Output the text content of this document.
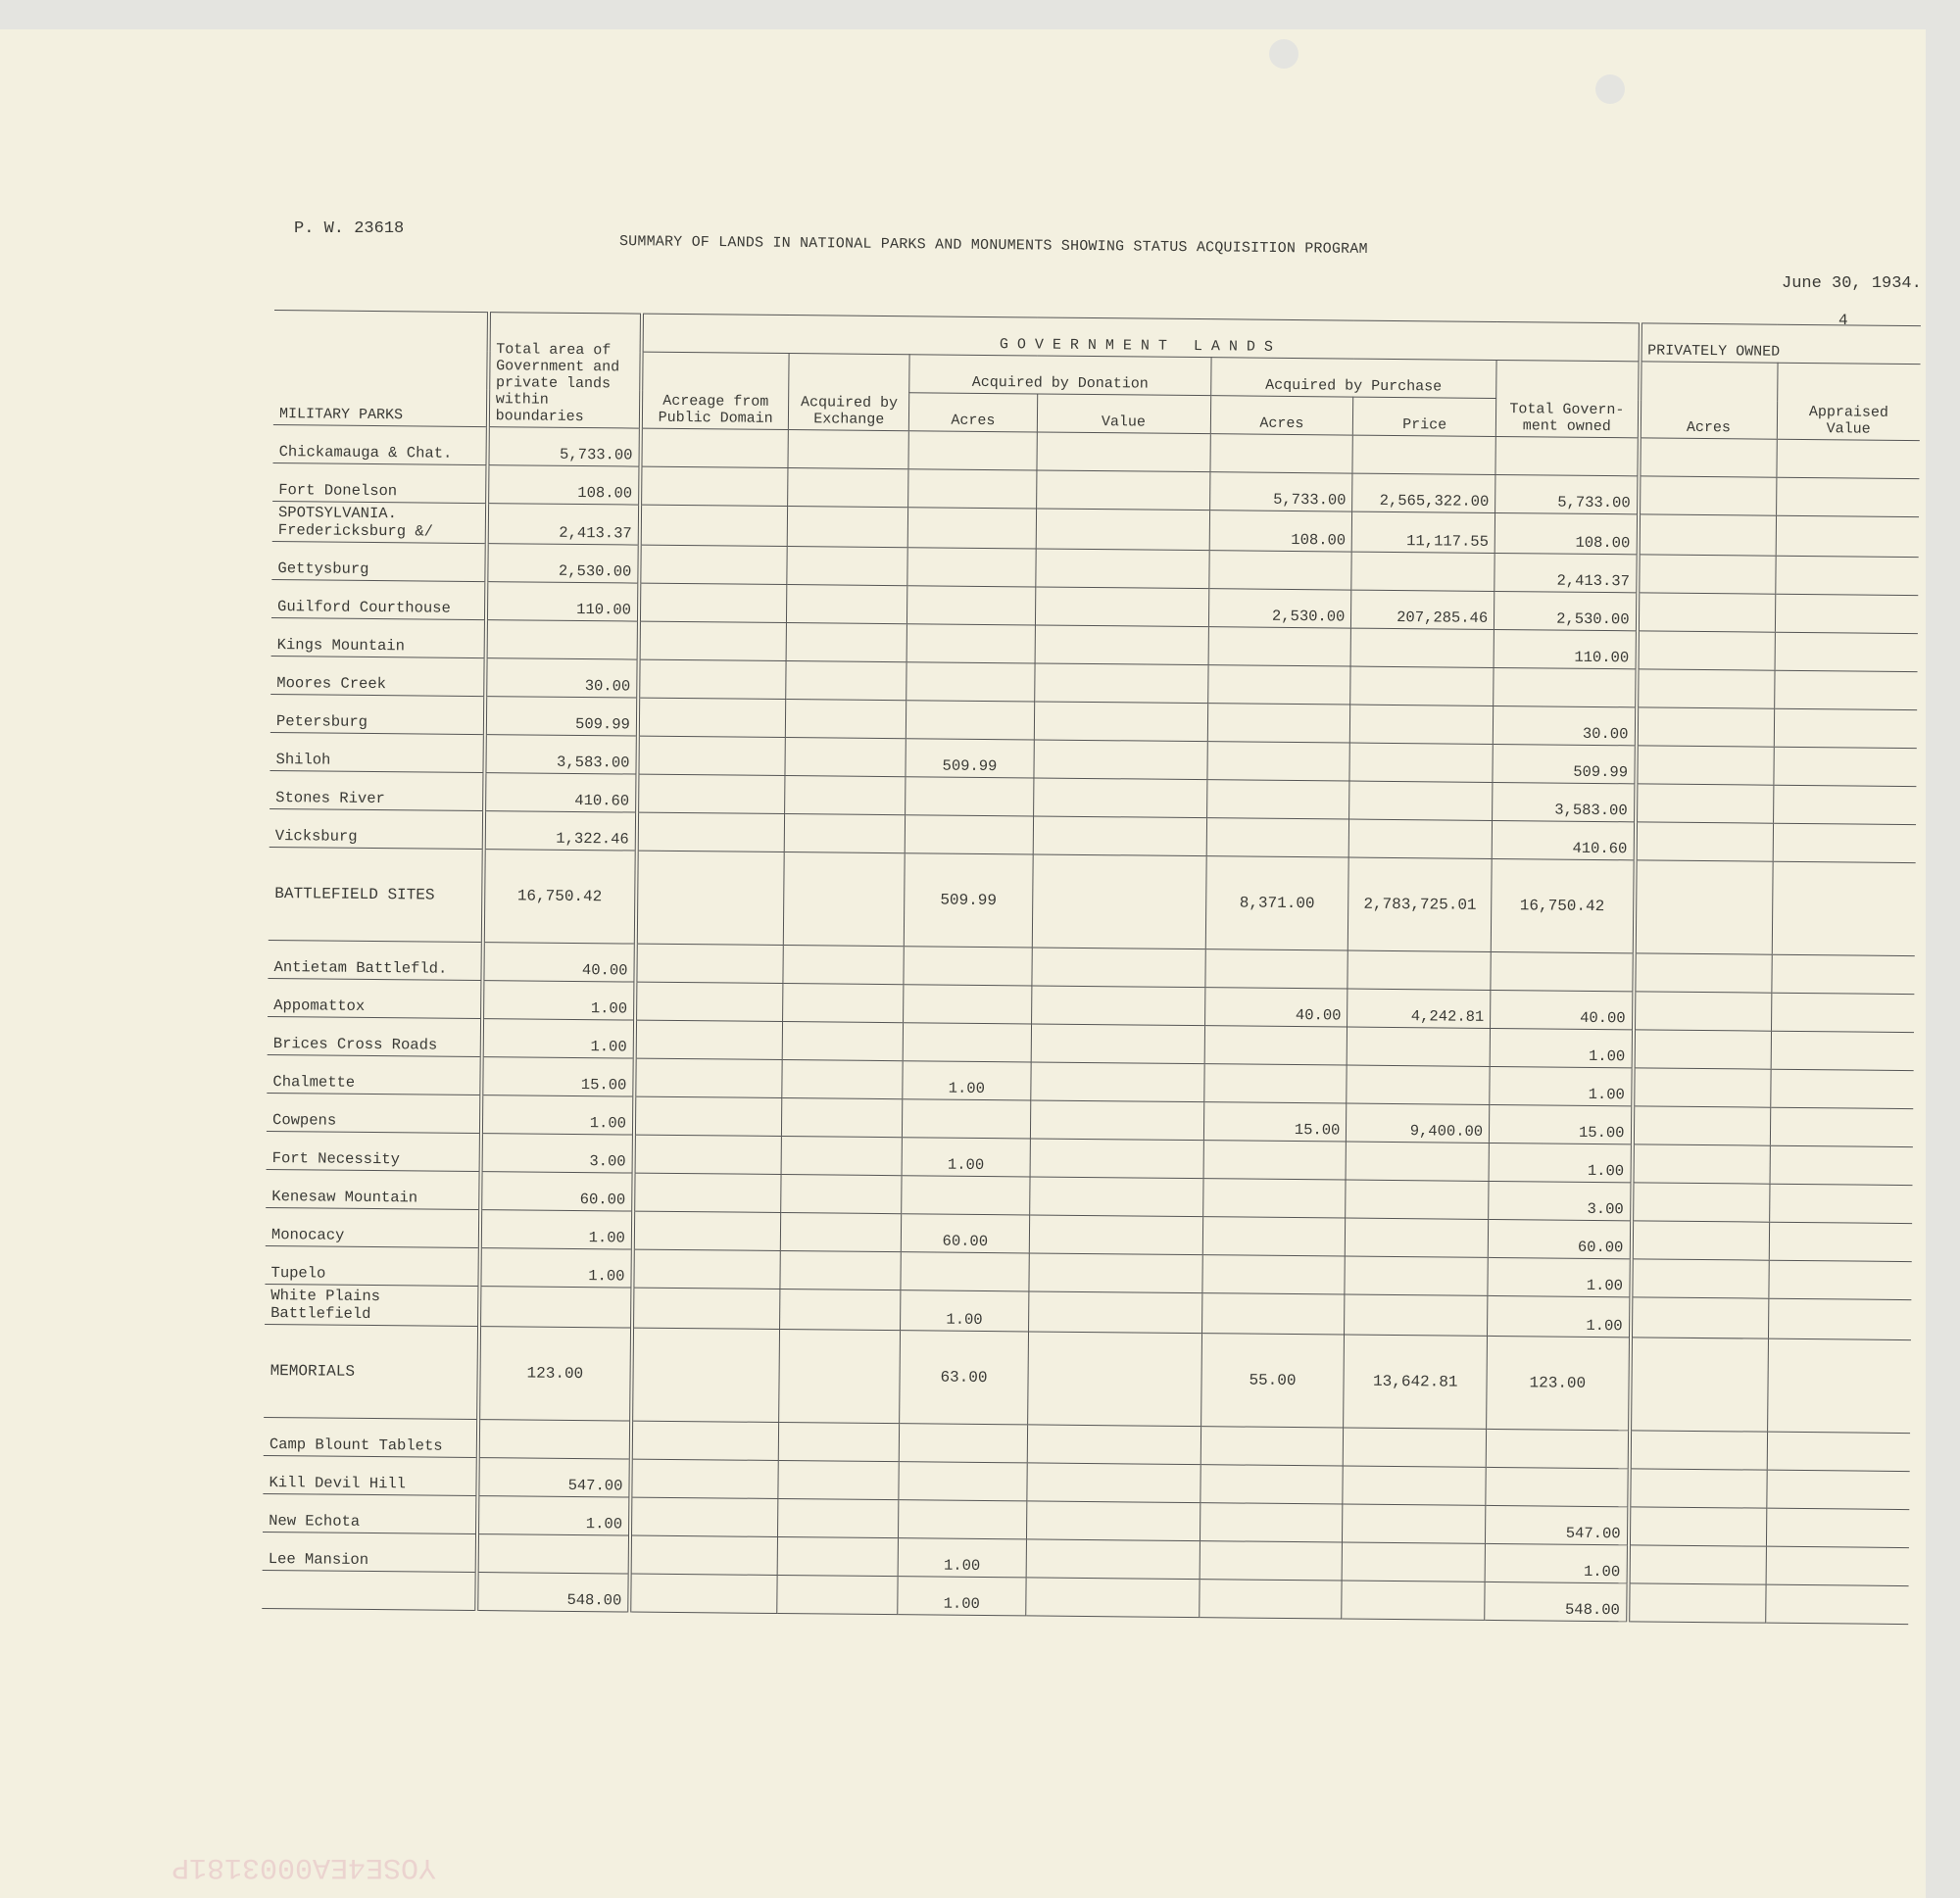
P. W. 23618
SUMMARY OF LANDS IN NATIONAL PARKS AND MONUMENTS SHOWING STATUS ACQUISITION PROGRAM
June 30, 1934.
4
YOSE4EA0003181P
MILITARY PARKS	Total area of Government and private lands within boundaries	GOVERNMENT LANDS							PRIVATELY OWNED	
		Acreage from Public Domain	Acquired by Exchange	Acquired by Donation		Acquired by Purchase		Total Govern- ment owned	Acres	Appraised Value
				Acres	Value	Acres	Price			
Chickamauga & Chat.	5,733.00									
Fort Donelson	108.00					5,733.00	2,565,322.00	5,733.00		
SPOTSYLVANIA. Fredericksburg &/	2,413.37					108.00	11,117.55	108.00		
Gettysburg	2,530.00							2,413.37		
Guilford Courthouse	110.00					2,530.00	207,285.46	2,530.00		
Kings Mountain								110.00		
Moores Creek	30.00									
Petersburg	509.99							30.00		
Shiloh	3,583.00			509.99				509.99		
Stones River	410.60							3,583.00		
Vicksburg	1,322.46							410.60		
BATTLEFIELD SITES	16,750.42			509.99		8,371.00	2,783,725.01	16,750.42		
Antietam Battlefld.	40.00									
Appomattox	1.00					40.00	4,242.81	40.00		
Brices Cross Roads	1.00							1.00		
Chalmette	15.00			1.00				1.00		
Cowpens	1.00					15.00	9,400.00	15.00		
Fort Necessity	3.00			1.00				1.00		
Kenesaw Mountain	60.00							3.00		
Monocacy	1.00			60.00				60.00		
Tupelo	1.00							1.00		
White Plains Battlefield				1.00				1.00		
MEMORIALS	123.00			63.00		55.00	13,642.81	123.00		
Camp Blount Tablets										
Kill Devil Hill	547.00									
New Echota	1.00							547.00		
Lee Mansion				1.00				1.00		
	548.00			1.00				548.00		
